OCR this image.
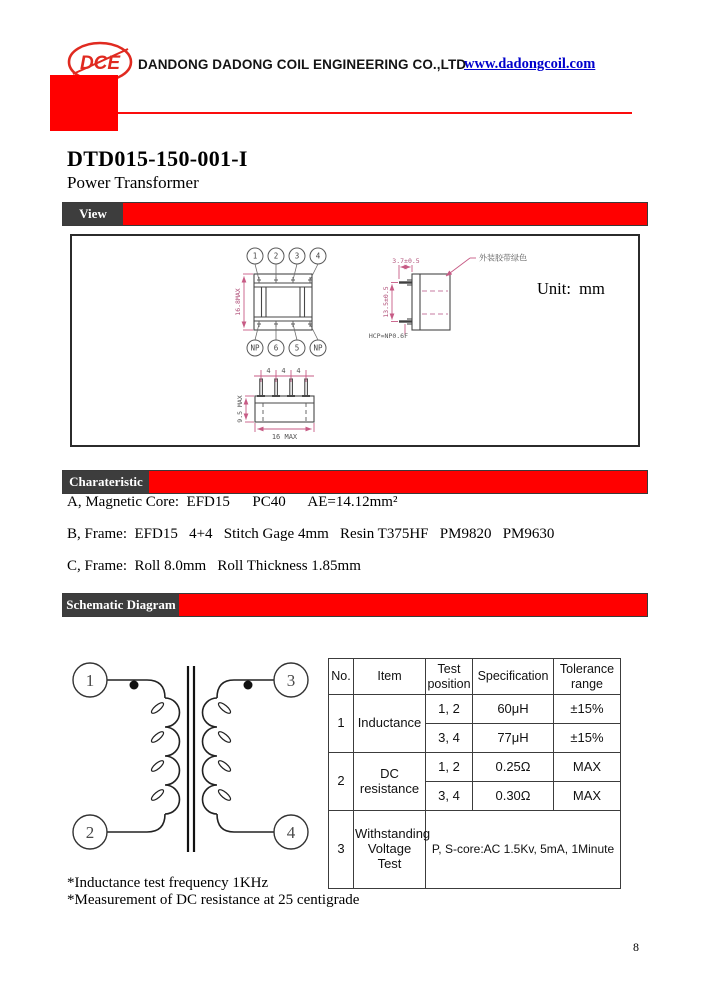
DCE DANDONG DADONG COIL ENGINEERING CO.,LTD
www.dadongcoil.com
DTD015-150-001-I
Power Transformer
View
1 2 3 4
NP 6 5 NP
16.8MAX
3.7±0.5
13.5±0.5
HCP=NP0.6F
外装胶带绿色
Unit:  mm
4 4 4
9.5 MAX
16 MAX
Charateristic
A, Magnetic Core:  EFD15      PC40      AE=14.12mm²
B, Frame:  EFD15   4+4   Stitch Gage 4mm   Resin T375HF   PM9820   PM9630
C, Frame:  Roll 8.0mm   Roll Thickness 1.85mm
Schematic Diagram
1
2
3
4
No.	Item	Test position	Specification	Tolerance range
1	Inductance	1, 2	60μH	±15%
		3, 4	77μH	±15%
2	DC resistance	1, 2	0.25Ω	MAX
		3, 4	0.30Ω	MAX
3	Withstanding Voltage Test	P, S-core:AC 1.5Kv, 5mA, 1Minute		
*Inductance test frequency 1KHz
*Measurement of DC resistance at 25 centigrade
8
